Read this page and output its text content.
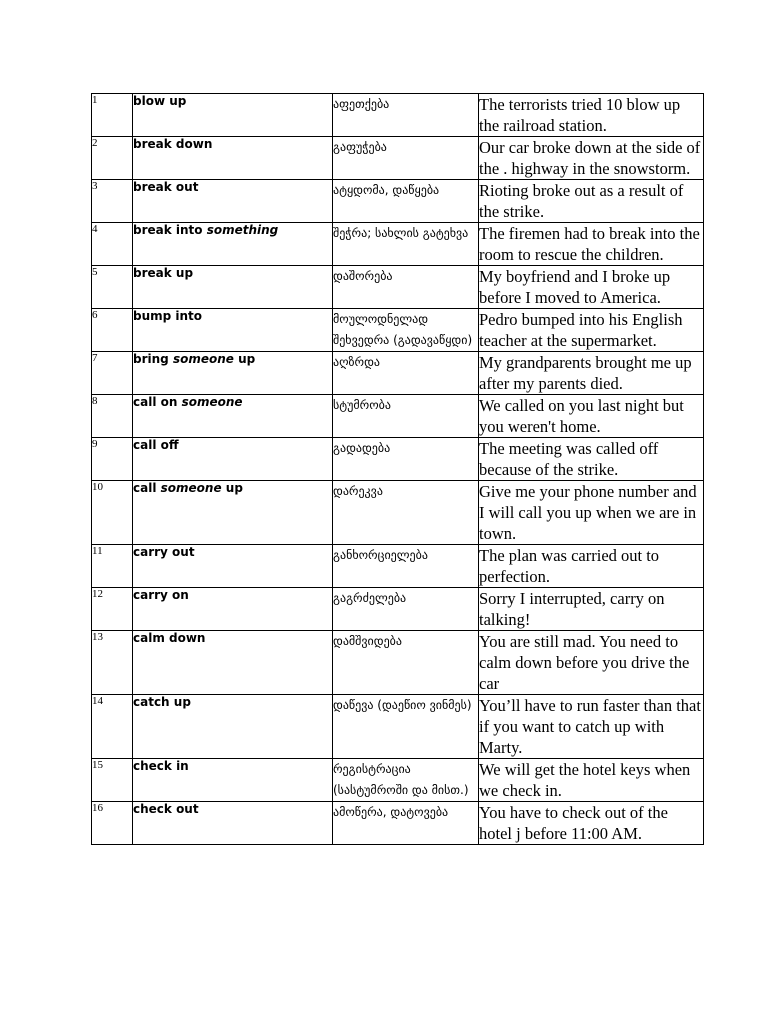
1	blow up	აფეთქება	The terrorists tried 10 blow up the railroad station.
2	break down	გაფუჭება	Our car broke down at the side of the . highway in the snowstorm.
3	break out	ატყდომა, დაწყება	Rioting broke out as a result of the strike.
4	break into something	შეჭრა; სახლის გატეხვა	The firemen had to break into the room to rescue the children.
5	break up	დაშორება	My boyfriend and I broke up before I moved to America.
6	bump into	მოულოდნელად შეხვედრა (გადავაწყდი)	Pedro bumped into his English teacher at the supermarket.
7	bring someone up	აღზრდა	My grandparents brought me up after my parents died.
8	call on someone	სტუმრობა	We called on you last night but you weren't home.
9	call off	გადადება	The meeting was called off because of the strike.
10	call someone up	დარეკვა	Give me your phone number and I will call you up when we are in town.
11	carry out	განხორციელება	The plan was carried out to perfection.
12	carry on	გაგრძელება	Sorry I interrupted, carry on talking!
13	calm down	დამშვიდება	You are still mad. You need to calm down before you drive the car
14	catch up	დაწევა (დაეწიო ვინმეს)	You’ll have to run faster than that if you want to catch up with Marty.
15	check in	რეგისტრაცია (სასტუმროში და მისთ.)	We will get the hotel keys when we check in.
16	check out	ამოწერა, დატოვება	You have to check out of the hotel j before 11:00 AM.
